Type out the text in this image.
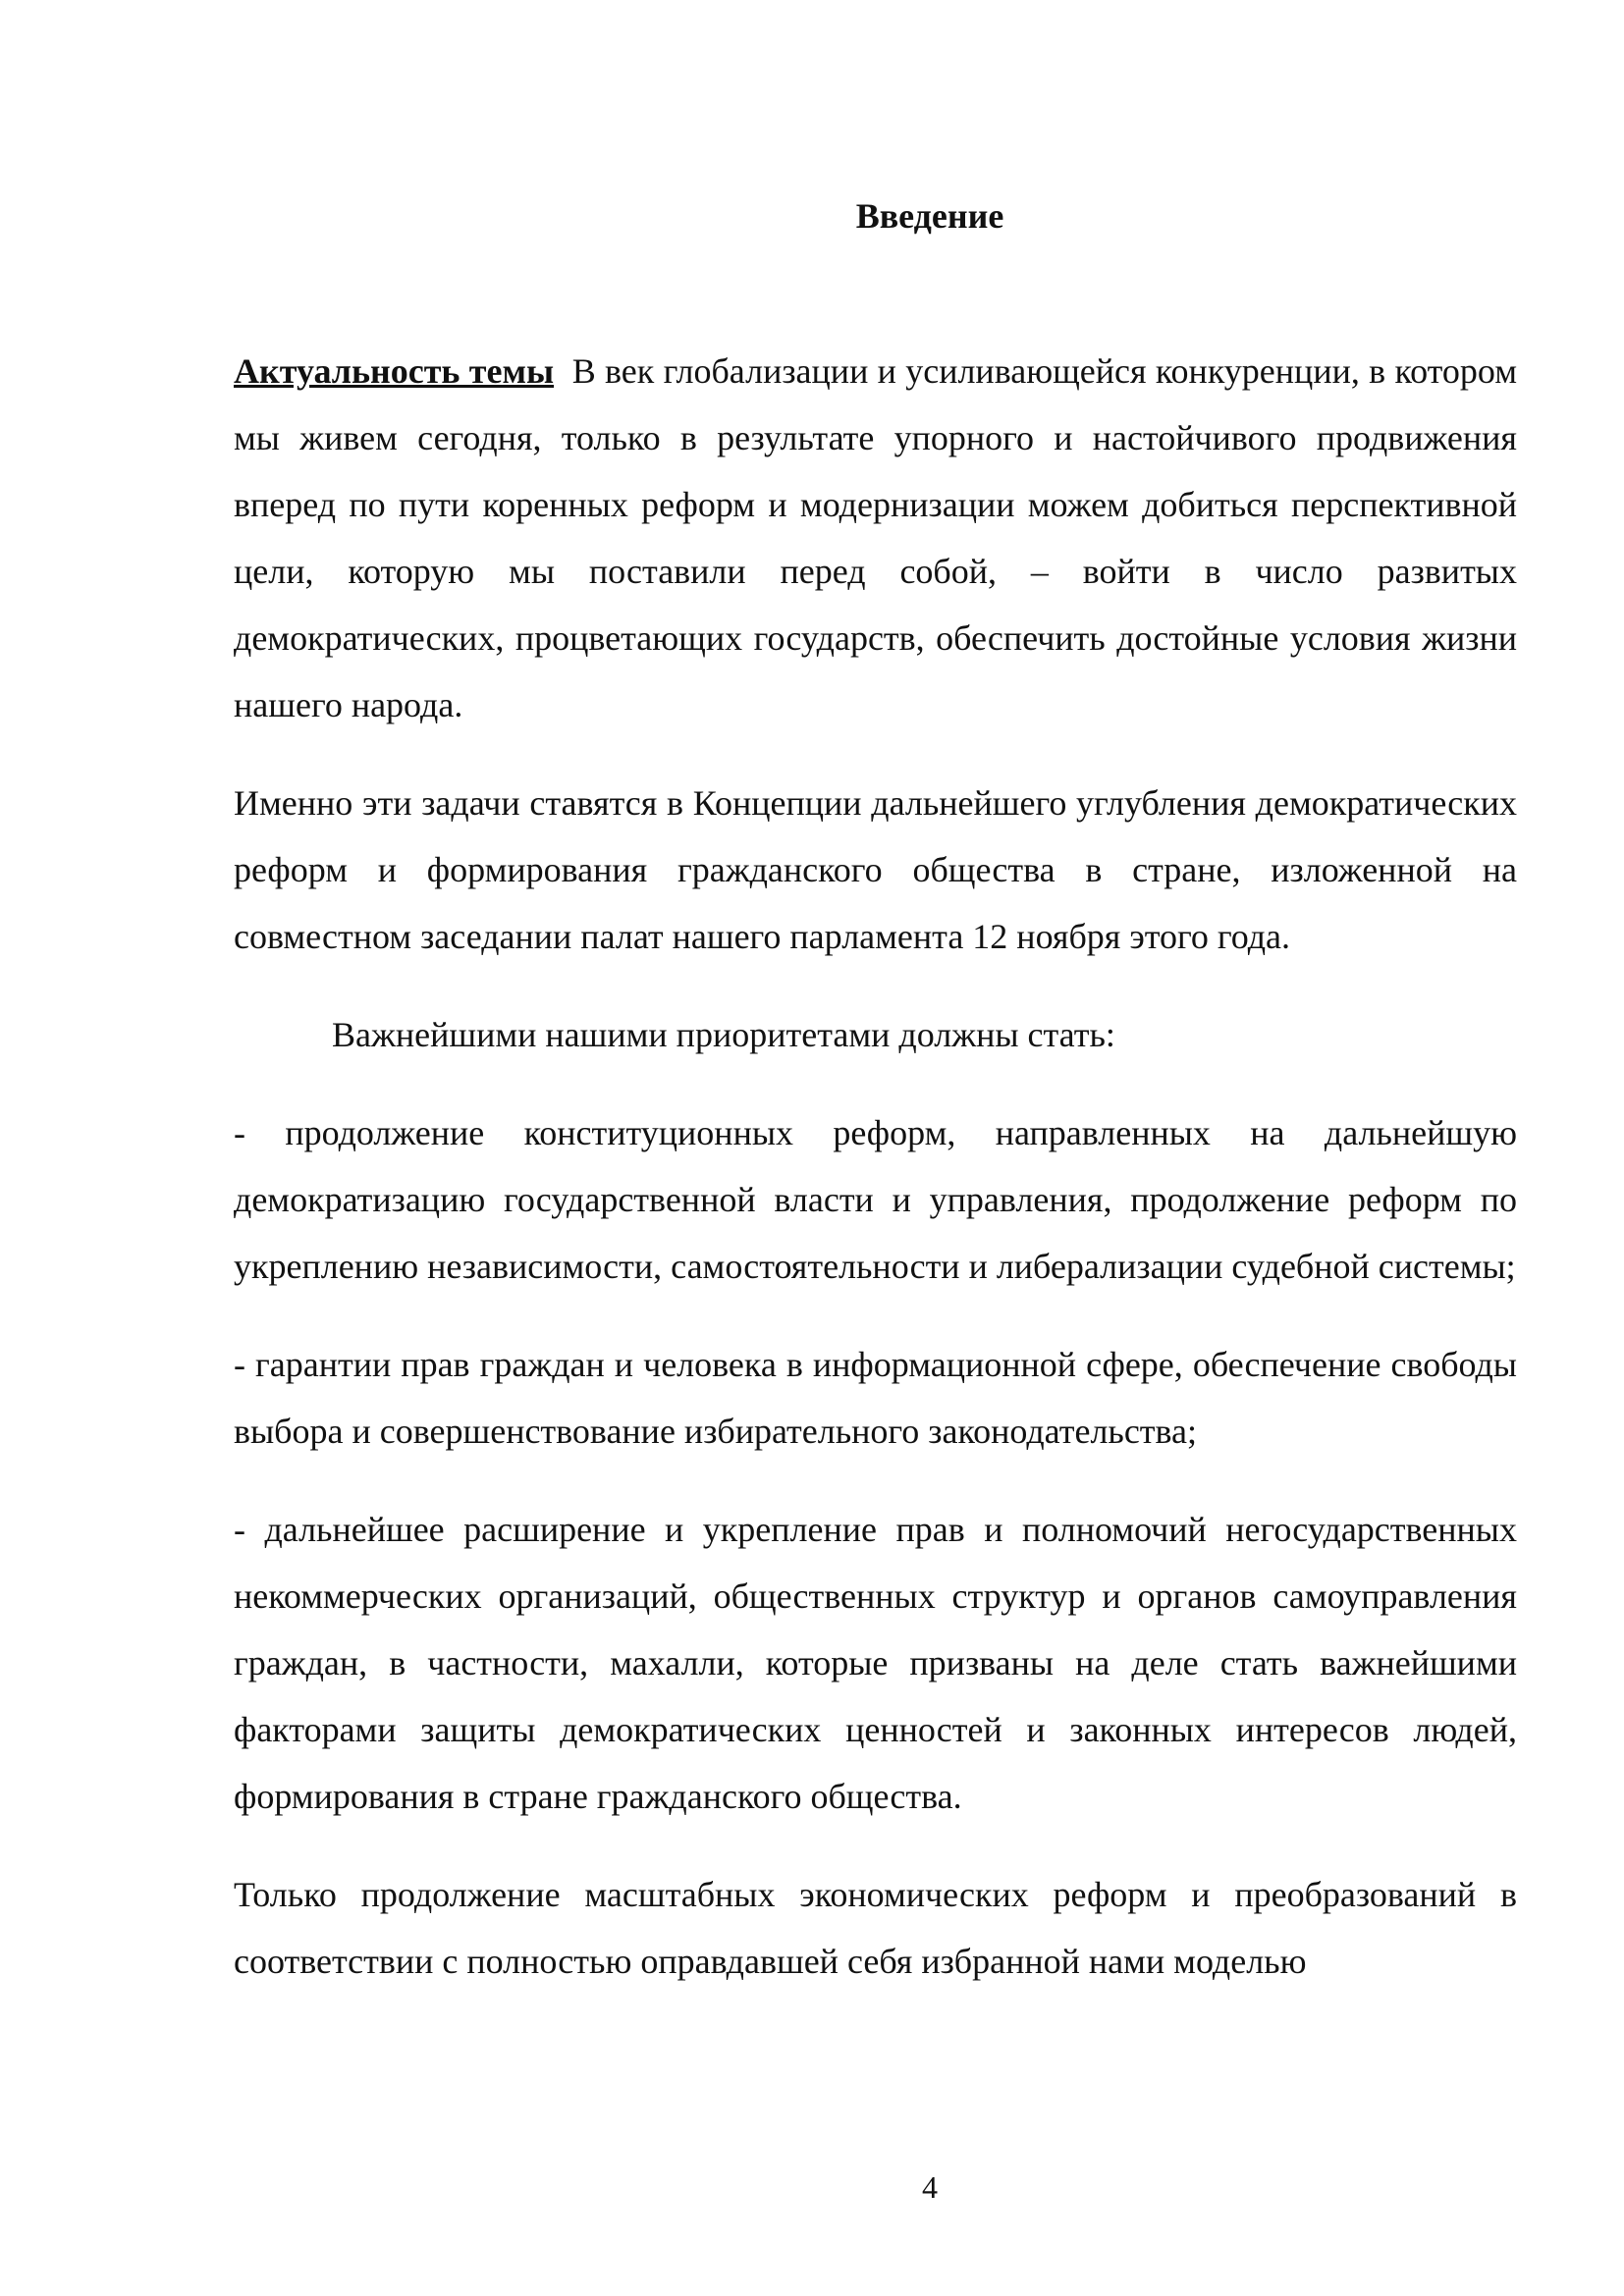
Введение

Актуальность темы В век глобализации и усиливающейся конкуренции, в котором мы живем сегодня, только в результате упорного и настойчивого продвижения вперед по пути коренных реформ и модернизации можем добиться перспективной цели, которую мы поставили перед собой, – войти в число развитых демократических, процветающих государств, обеспечить достойные условия жизни нашего народа.

Именно эти задачи ставятся в Концепции дальнейшего углубления демократических реформ и формирования гражданского общества в стране, изложенной на совместном заседании палат нашего парламента 12 ноября этого года.

Важнейшими нашими приоритетами должны стать:

- продолжение конституционных реформ, направленных на дальнейшую демократизацию государственной власти и управления, продолжение реформ по укреплению независимости, самостоятельности и либерализации судебной системы;

- гарантии прав граждан и человека в информационной сфере, обеспечение свободы выбора и совершенствование избирательного законодательства;

- дальнейшее расширение и укрепление прав и полномочий негосударственных некоммерческих организаций, общественных структур и органов самоуправления граждан, в частности, махалли, которые призваны на деле стать важнейшими факторами защиты демократических ценностей и законных интересов людей, формирования в стране гражданского общества.

Только продолжение масштабных экономических реформ и преобразований в соответствии с полностью оправдавшей себя избранной нами моделью

4
